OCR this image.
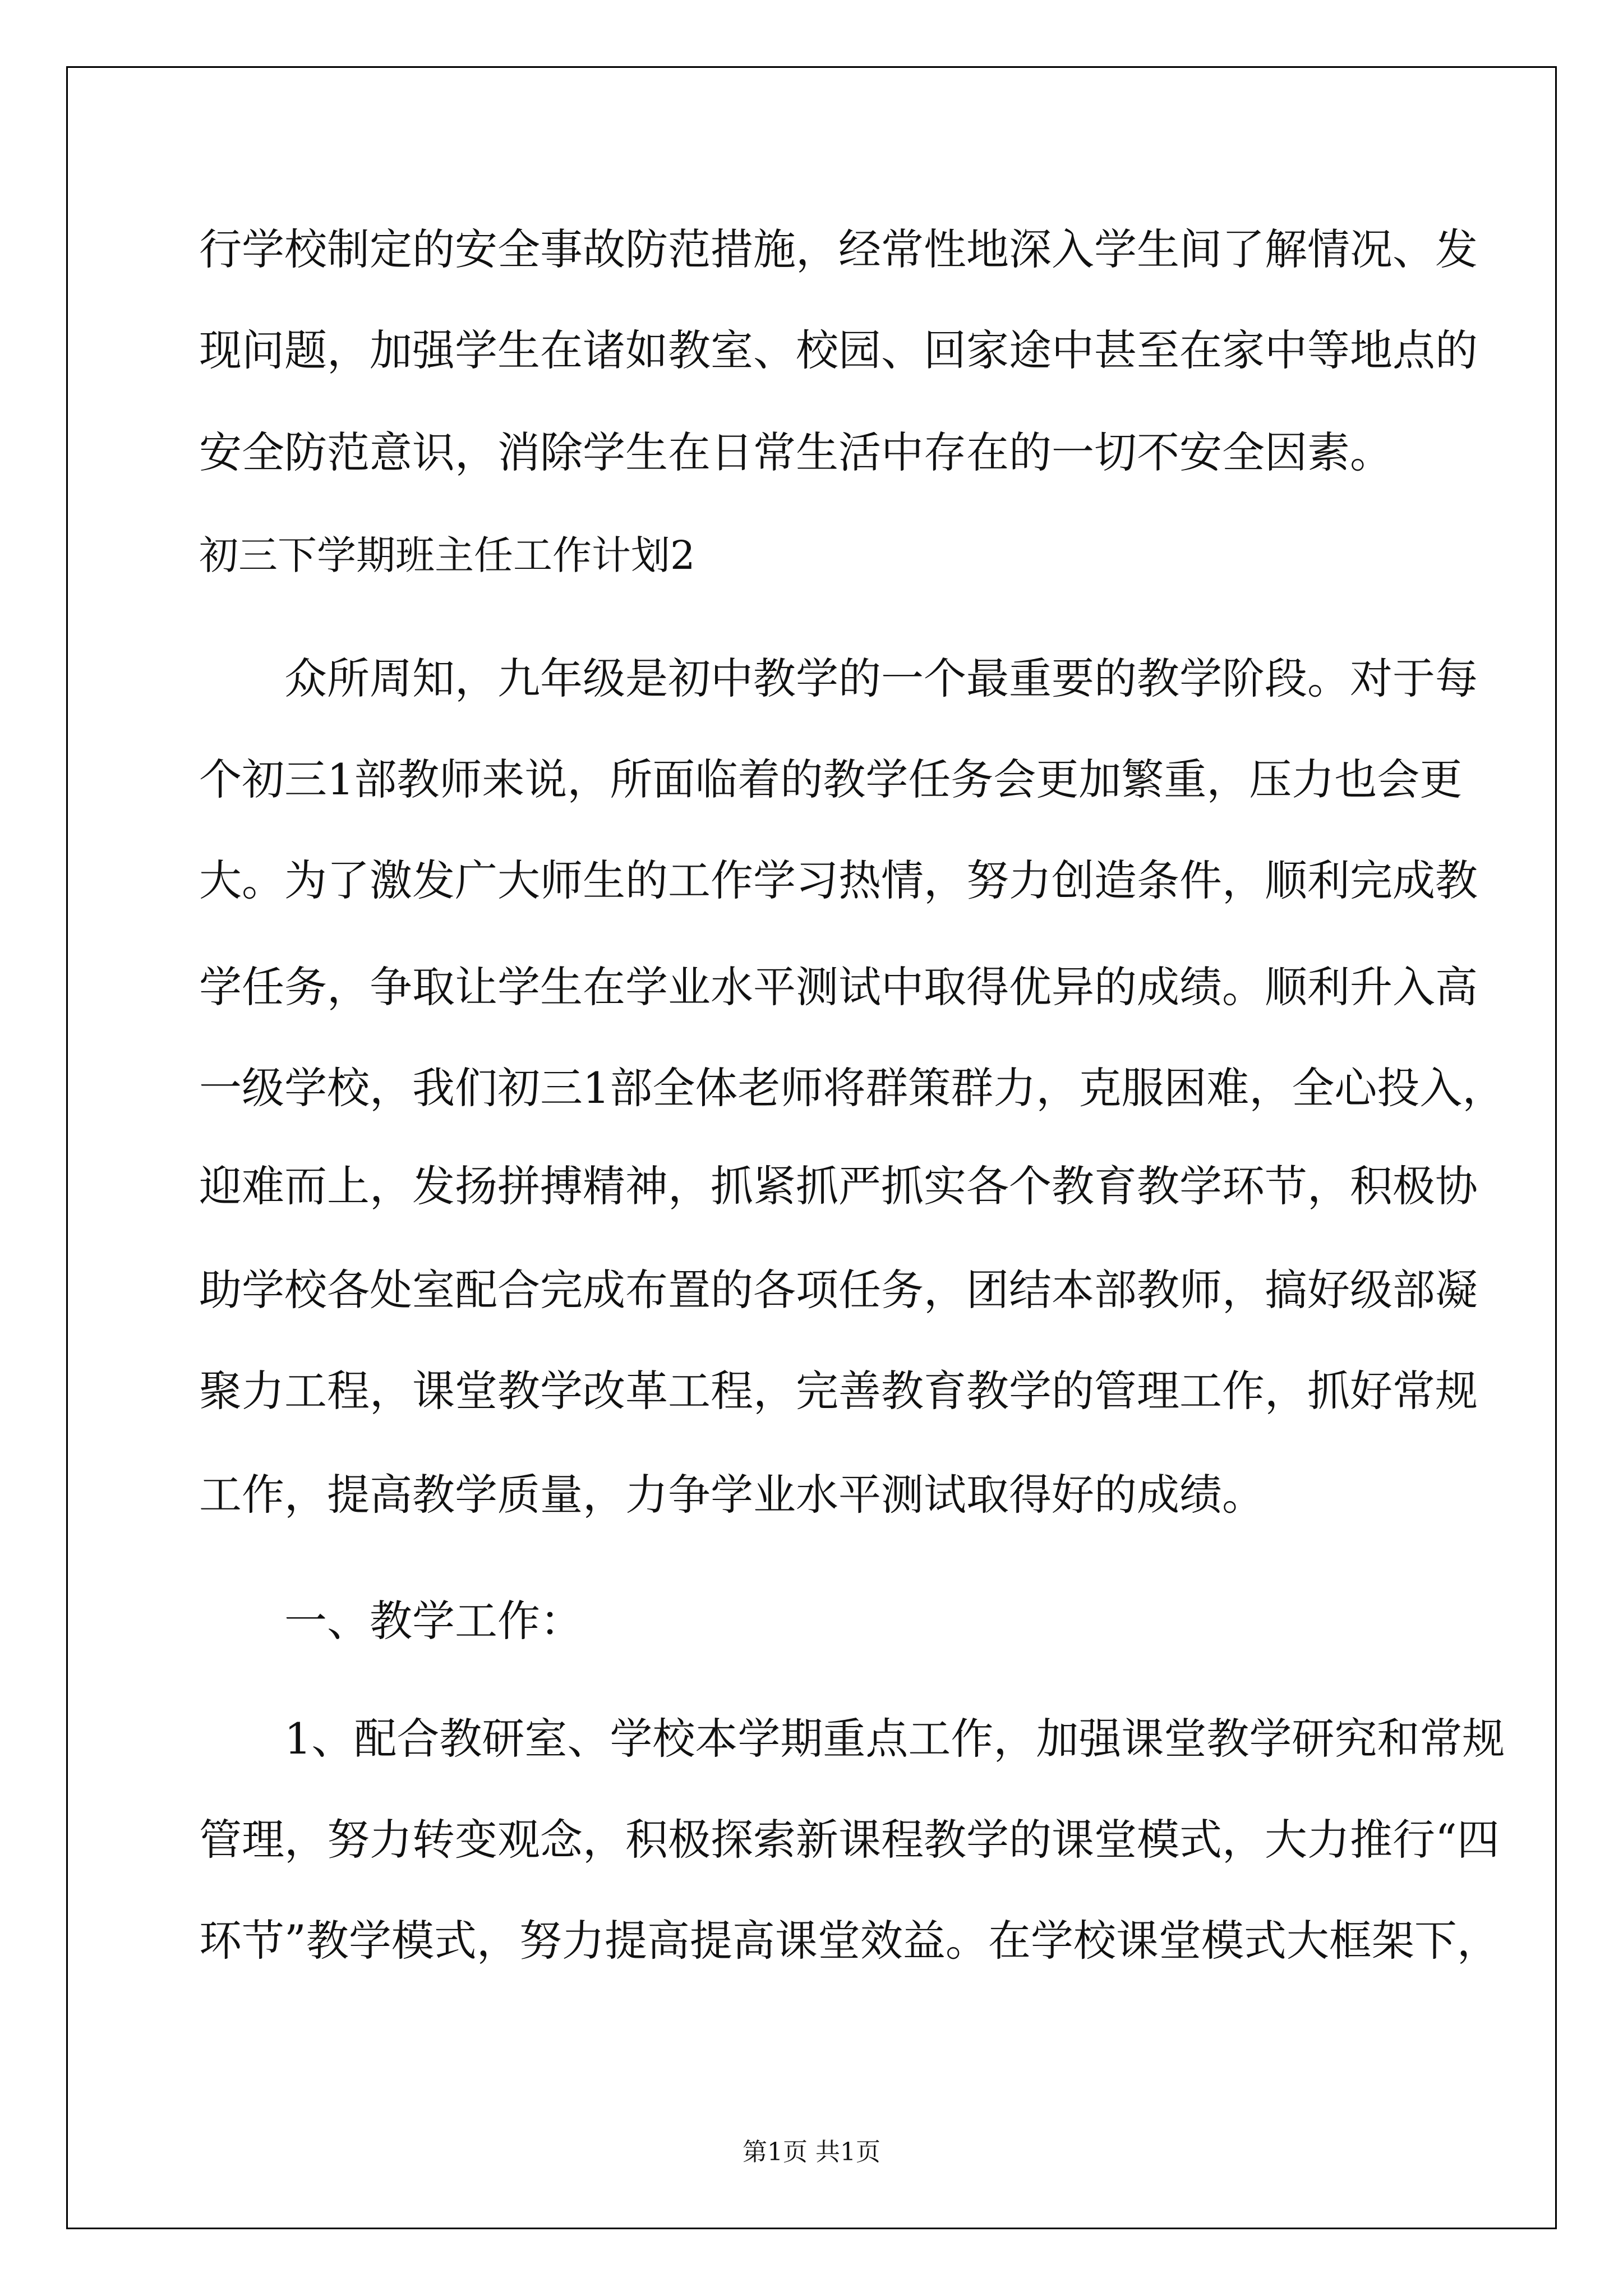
行学校制定的安全事故防范措施，经常性地深入学生间了解情况、发

现问题，加强学生在诸如教室、校园、回家途中甚至在家中等地点的

安全防范意识，消除学生在日常生活中存在的一切不安全因素。

初三下学期班主任工作计划2

众所周知，九年级是初中教学的一个最重要的教学阶段。对于每

个初三1部教师来说，所面临着的教学任务会更加繁重，压力也会更

大。为了激发广大师生的工作学习热情，努力创造条件，顺利完成教

学任务，争取让学生在学业水平测试中取得优异的成绩。顺利升入高

一级学校，我们初三1部全体老师将群策群力，克服困难，全心投入，

迎难而上，发扬拼搏精神，抓紧抓严抓实各个教育教学环节，积极协

助学校各处室配合完成布置的各项任务，团结本部教师，搞好级部凝

聚力工程，课堂教学改革工程，完善教育教学的管理工作，抓好常规

工作，提高教学质量，力争学业水平测试取得好的成绩。

一、教学工作：

1、配合教研室、学校本学期重点工作，加强课堂教学研究和常规

管理，努力转变观念，积极探索新课程教学的课堂模式，大力推行“四

环节”教学模式，努力提高提高课堂效益。在学校课堂模式大框架下，

第1页 共1页
